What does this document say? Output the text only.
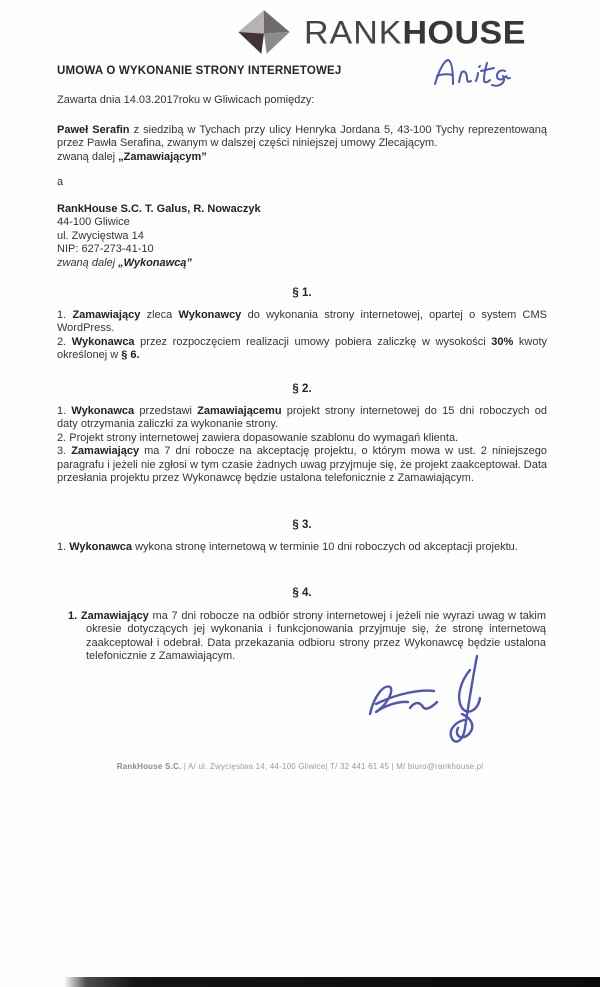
RANKHOUSE
UMOWA O WYKONANIE STRONY INTERNETOWEJ
Zawarta dnia 14.03.2017roku w Gliwicach pomiędzy:

Paweł Serafin z siedzibą w Tychach przy ulicy Henryka Jordana 5, 43-100 Tychy reprezentowaną przez Pawła Serafina, zwanym w dalszej części niniejszej umowy Zlecającym.

zwaną dalej „Zamawiającym”

a

RankHouse S.C. T. Galus, R. Nowaczyk

44-100 Gliwice

ul. Zwycięstwa 14

NIP: 627-273-41-10

zwaną dalej „Wykonawcą”

§ 1.

1. Zamawiający zleca Wykonawcy do wykonania strony internetowej, opartej o system CMS WordPress.

2. Wykonawca przez rozpoczęciem realizacji umowy pobiera zaliczkę w wysokości 30% kwoty określonej w § 6.

§ 2.

1. Wykonawca przedstawi Zamawiającemu projekt strony internetowej do 15 dni roboczych od daty otrzymania zaliczki za wykonanie strony.

2. Projekt strony internetowej zawiera dopasowanie szablonu do wymagań klienta.

3. Zamawiający ma 7 dni robocze na akceptację projektu, o którym mowa w ust. 2 niniejszego paragrafu i jeżeli nie zgłosi w tym czasie żadnych uwag przyjmuje się, że projekt zaakceptował. Data przesłania projektu przez Wykonawcę będzie ustalona telefonicznie z Zamawiającym.

§ 3.

1. Wykonawca wykona stronę internetową w terminie 10 dni roboczych od akceptacji projektu.

§ 4.

1. Zamawiający ma 7 dni robocze na odbiór strony internetowej i jeżeli nie wyrazi uwag w takim okresie dotyczących jej wykonania i funkcjonowania przyjmuje się, że stronę internetową zaakceptował i odebrał. Data przekazania odbioru strony przez Wykonawcę będzie ustalona telefonicznie z Zamawiającym.

RankHouse S.C. | A/ ul. Zwycięstwa 14, 44-100 Gliwice| T/ 32 441 61 45 | M/ biuro@rankhouse.pl
